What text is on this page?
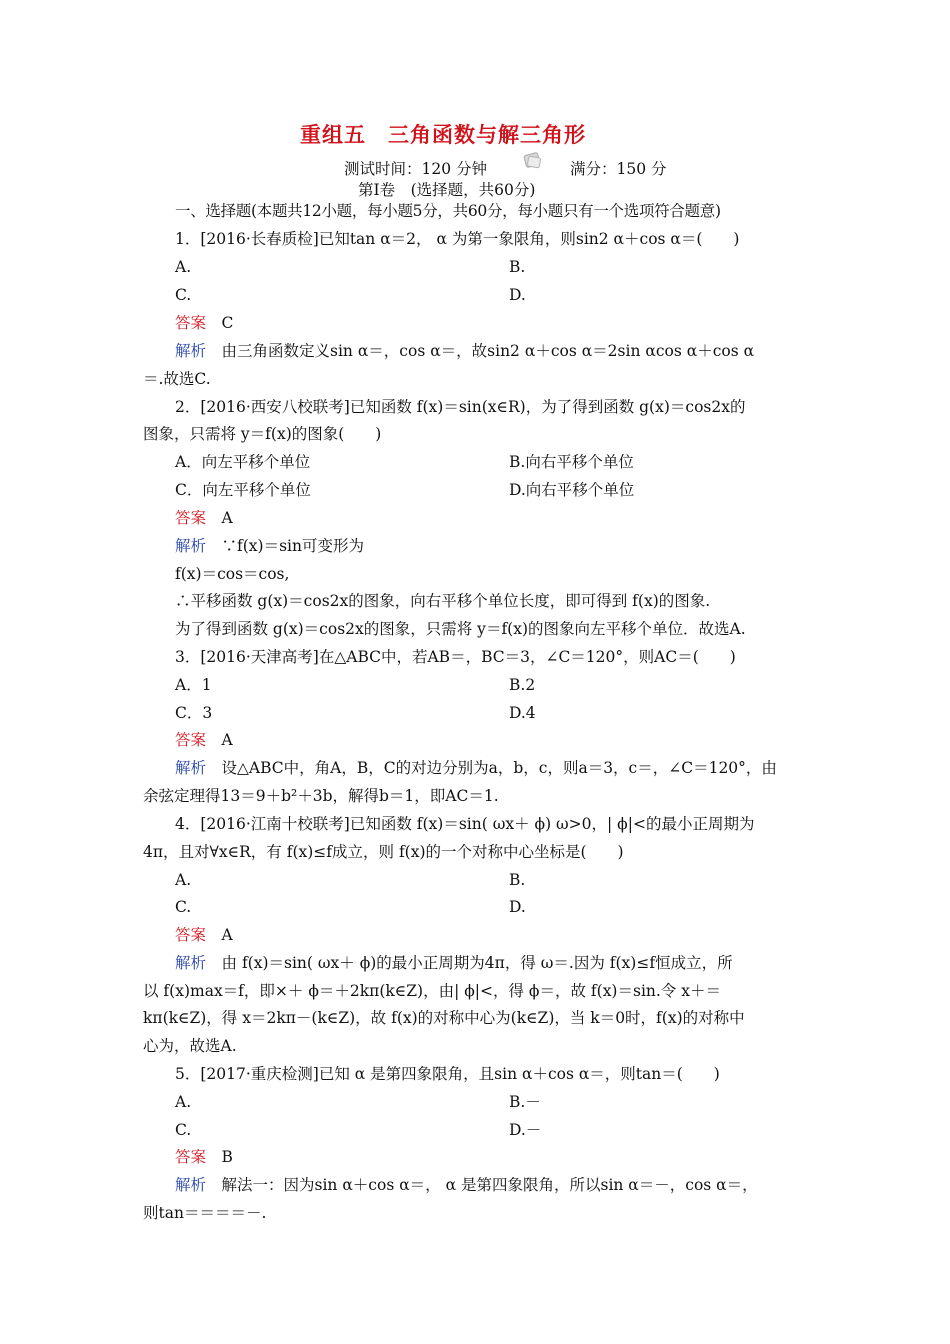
重组五　三角函数与解三角形
测试时间：120 分钟	满分：150 分
第Ⅰ卷　(选择题，共60分)
一、选择题(本题共12小题，每小题5分，共60分，每小题只有一个选项符合题意)
1．[2016·长春质检]已知tan α＝2， α 为第一象限角，则sin2 α＋cos α＝(　　)
A.	B.
C.	D.
答案　 C
解析　由三角函数定义sin α＝，cos α＝，故sin2 α＋cos α＝2sin αcos α＋cos α
＝.故选C.
2．[2016·西安八校联考]已知函数 f(x)＝sin(x∈R)，为了得到函数 g(x)＝cos2x的
图象，只需将 y＝f(x)的图象(　　)
A．向左平移个单位	B.向右平移个单位
C．向左平移个单位	D.向右平移个单位
答案　 A
解析　∵f(x)＝sin可变形为
f(x)＝cos＝cos,
∴平移函数 g(x)＝cos2x的图象，向右平移个单位长度，即可得到 f(x)的图象.
为了得到函数 g(x)＝cos2x的图象，只需将 y＝f(x)的图象向左平移个单位．故选A.
3．[2016·天津高考]在△ABC中，若AB＝，BC＝3，∠C＝120°，则AC＝(　　)
A．1	B.2
C．3	D.4
答案　 A
解析　设△ABC中，角A，B，C的对边分别为a，b，c，则a＝3，c＝，∠C＝120°，由
余弦定理得13＝9＋b²＋3b，解得b＝1，即AC＝1.
4．[2016·江南十校联考]已知函数 f(x)＝sin( ωx＋ ϕ) ω>0，| ϕ|<的最小正周期为
4π，且对∀x∈R，有 f(x)≤f成立，则 f(x)的一个对称中心坐标是(　　)
A.	B.
C.	D.
答案　 A
解析　由 f(x)＝sin( ωx＋ ϕ)的最小正周期为4π，得 ω＝.因为 f(x)≤f恒成立，所
以 f(x)max＝f，即×＋ ϕ＝＋2kπ(k∈Z)，由| ϕ|<，得 ϕ＝，故 f(x)＝sin.令 x＋＝
kπ(k∈Z)，得 x＝2kπ－(k∈Z)，故 f(x)的对称中心为(k∈Z)，当 k＝0时，f(x)的对称中
心为，故选A.
5．[2017·重庆检测]已知 α 是第四象限角，且sin α＋cos α＝，则tan＝(　　)
A.	B.－
C.	D.－
答案　 B
解析　解法一：因为sin α＋cos α＝， α 是第四象限角，所以sin α＝－，cos α＝，
则tan＝＝＝＝－.
